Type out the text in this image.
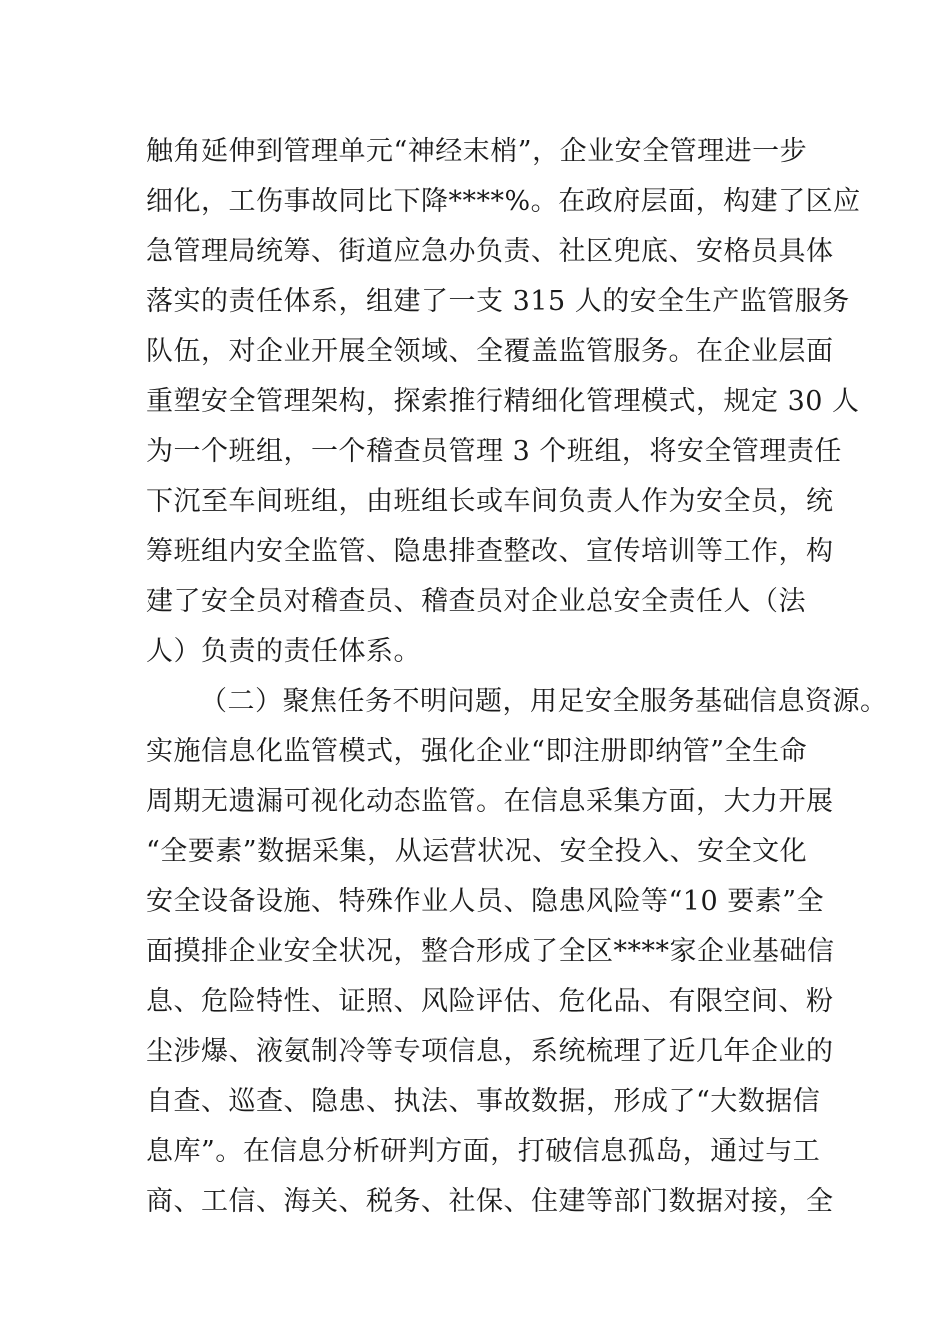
触角延伸到管理单元“神经末梢”，企业安全管理进一步
细化，工伤事故同比下降****%。在政府层面，构建了区应
急管理局统筹、街道应急办负责、社区兜底、安格员具体
落实的责任体系，组建了一支 315 人的安全生产监管服务
队伍，对企业开展全领域、全覆盖监管服务。在企业层面
重塑安全管理架构，探索推行精细化管理模式，规定 30 人
为一个班组，一个稽查员管理 3 个班组，将安全管理责任
下沉至车间班组，由班组长或车间负责人作为安全员，统
筹班组内安全监管、隐患排查整改、宣传培训等工作，构
建了安全员对稽查员、稽查员对企业总安全责任人（法
人）负责的责任体系。
（二）聚焦任务不明问题，用足安全服务基础信息资源。
实施信息化监管模式，强化企业“即注册即纳管”全生命
周期无遗漏可视化动态监管。在信息采集方面，大力开展
“全要素”数据采集，从运营状况、安全投入、安全文化
安全设备设施、特殊作业人员、隐患风险等“10 要素”全
面摸排企业安全状况，整合形成了全区****家企业基础信
息、危险特性、证照、风险评估、危化品、有限空间、粉
尘涉爆、液氨制冷等专项信息，系统梳理了近几年企业的
自查、巡查、隐患、执法、事故数据，形成了“大数据信
息库”。在信息分析研判方面，打破信息孤岛，通过与工
商、工信、海关、税务、社保、住建等部门数据对接，全
